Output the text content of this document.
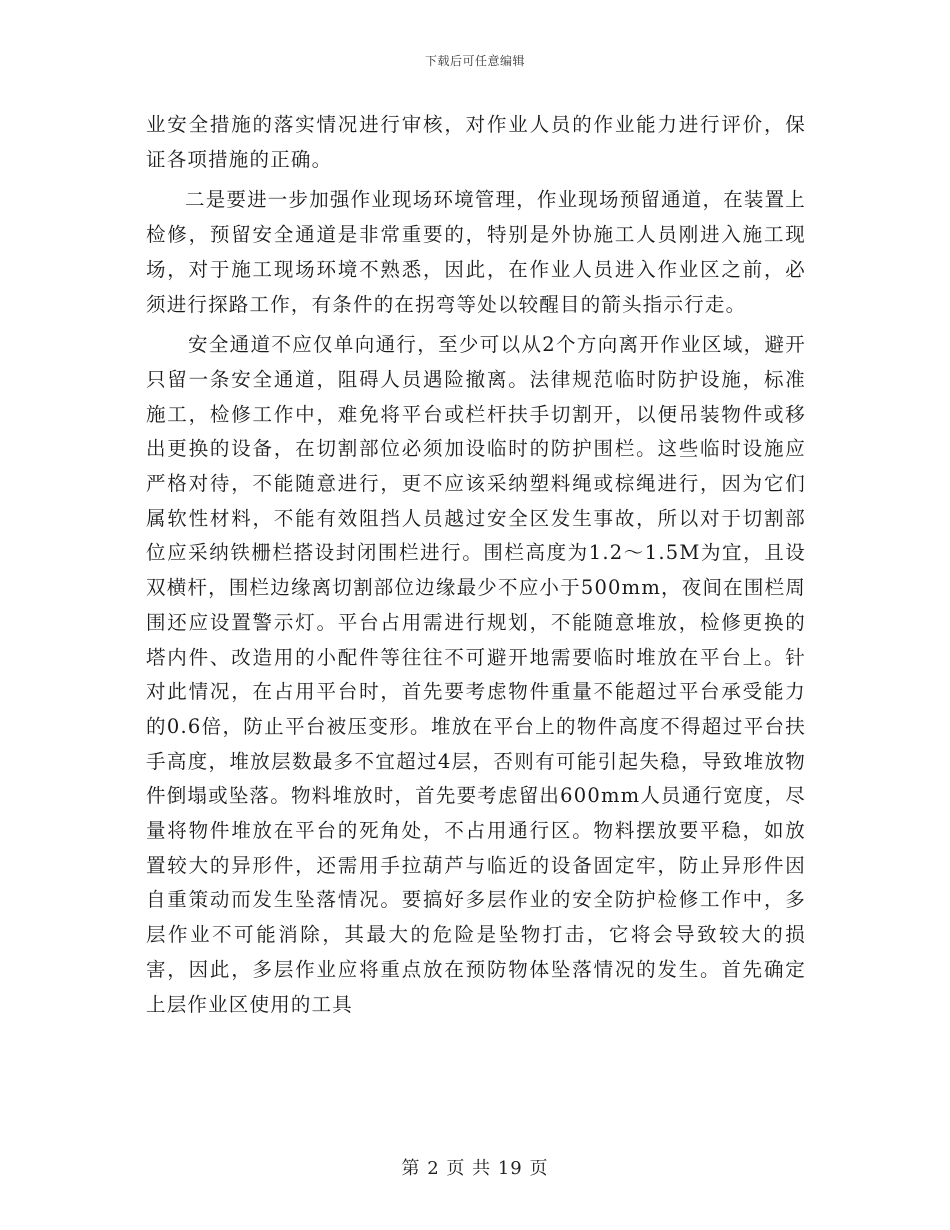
下载后可任意编辑

业安全措施的落实情况进行审核，对作业人员的作业能力进行评价，保证各项措施的正确。

二是要进一步加强作业现场环境管理，作业现场预留通道，在装置上检修，预留安全通道是非常重要的，特别是外协施工人员刚进入施工现场，对于施工现场环境不熟悉，因此，在作业人员进入作业区之前，必须进行探路工作，有条件的在拐弯等处以较醒目的箭头指示行走。

安全通道不应仅单向通行，至少可以从2个方向离开作业区域，避开只留一条安全通道，阻碍人员遇险撤离。法律规范临时防护设施，标准施工，检修工作中，难免将平台或栏杆扶手切割开，以便吊装物件或移出更换的设备，在切割部位必须加设临时的防护围栏。这些临时设施应严格对待，不能随意进行，更不应该采纳塑料绳或棕绳进行，因为它们属软性材料，不能有效阻挡人员越过安全区发生事故，所以对于切割部位应采纳铁栅栏搭设封闭围栏进行。围栏高度为1.2～1.5M为宜，且设双横杆，围栏边缘离切割部位边缘最少不应小于500mm，夜间在围栏周围还应设置警示灯。平台占用需进行规划，不能随意堆放，检修更换的塔内件、改造用的小配件等往往不可避开地需要临时堆放在平台上。针对此情况，在占用平台时，首先要考虑物件重量不能超过平台承受能力的0.6倍，防止平台被压变形。堆放在平台上的物件高度不得超过平台扶手高度，堆放层数最多不宜超过4层，否则有可能引起失稳，导致堆放物件倒塌或坠落。物料堆放时，首先要考虑留出600mm人员通行宽度，尽量将物件堆放在平台的死角处，不占用通行区。物料摆放要平稳，如放置较大的异形件，还需用手拉葫芦与临近的设备固定牢，防止异形件因自重策动而发生坠落情况。要搞好多层作业的安全防护检修工作中，多层作业不可能消除，其最大的危险是坠物打击，它将会导致较大的损害，因此，多层作业应将重点放在预防物体坠落情况的发生。首先确定上层作业区使用的工具

第 2 页 共 19 页
